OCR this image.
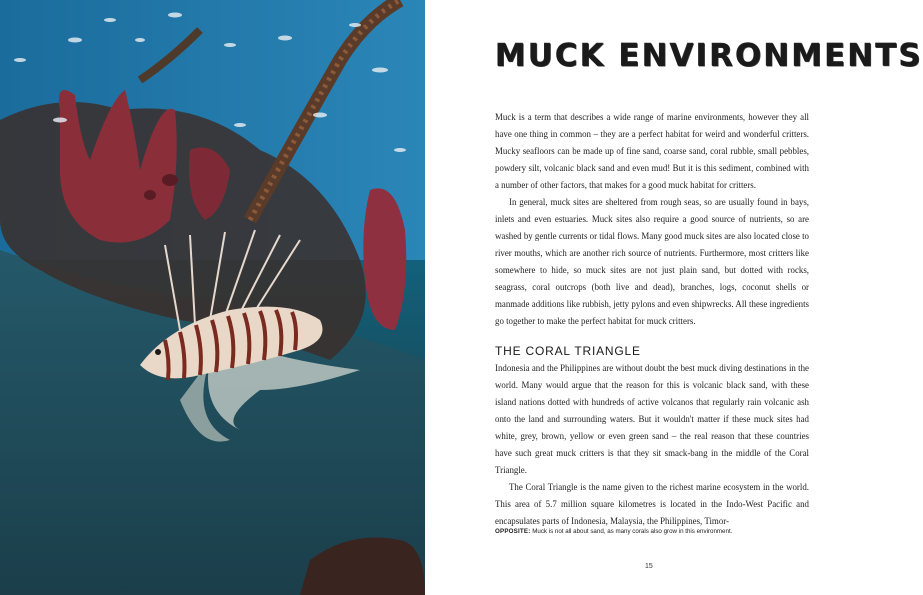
MUCK ENVIRONMENTS

Muck is a term that describes a wide range of marine environments, however they all have one thing in common – they are a perfect habitat for weird and wonderful critters. Mucky seafloors can be made up of fine sand, coarse sand, coral rubble, small pebbles, powdery silt, volcanic black sand and even mud! But it is this sediment, combined with a number of other factors, that makes for a good muck habitat for critters.

In general, muck sites are sheltered from rough seas, so are usually found in bays, inlets and even estuaries. Muck sites also require a good source of nutrients, so are washed by gentle currents or tidal flows. Many good muck sites are also located close to river mouths, which are another rich source of nutrients. Furthermore, most critters like somewhere to hide, so muck sites are not just plain sand, but dotted with rocks, seagrass, coral outcrops (both live and dead), branches, logs, coconut shells or manmade additions like rubbish, jetty pylons and even shipwrecks. All these ingredients go together to make the perfect habitat for muck critters.

THE CORAL TRIANGLE

Indonesia and the Philippines are without doubt the best muck diving destinations in the world. Many would argue that the reason for this is volcanic black sand, with these island nations dotted with hundreds of active volcanos that regularly rain volcanic ash onto the land and surrounding waters. But it wouldn't matter if these muck sites had white, grey, brown, yellow or even green sand – the real reason that these countries have such great muck critters is that they sit smack-bang in the middle of the Coral Triangle.

The Coral Triangle is the name given to the richest marine ecosystem in the world. This area of 5.7 million square kilometres is located in the Indo-West Pacific and encapsulates parts of Indonesia, Malaysia, the Philippines, Timor-

OPPOSITE: Muck is not all about sand, as many corals also grow in this environment.
15
